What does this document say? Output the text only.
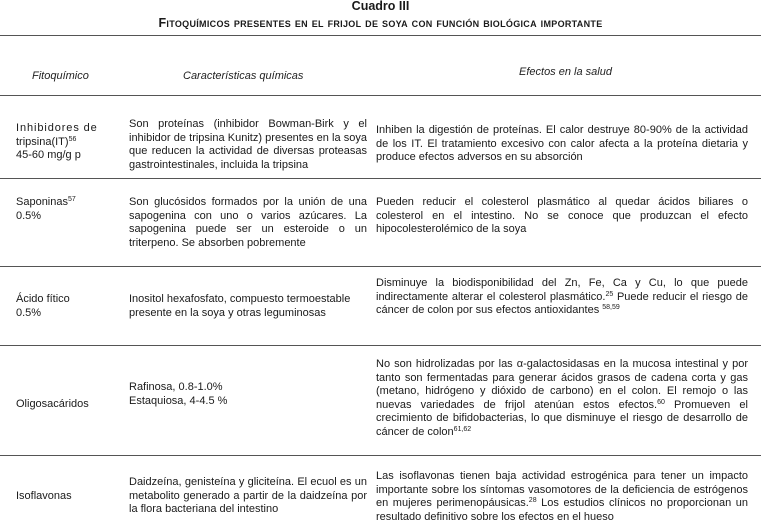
Cuadro III
Fitoquímicos presentes en el frijol de soya con función biológica importante
Fitoquímico	Características químicas	Efectos en la salud
Inhibidores de
tripsina(IT)$^{56}$
45-60 mg/g p
Son proteínas (inhibidor Bowman-Birk y el inhibidor de tripsina Kunitz) presentes en la soya que reducen la actividad de diversas proteasas gastrointestinales, incluida la tripsina
Inhiben la digestión de proteínas. El calor destruye 80-90% de la actividad de los IT. El tratamiento excesivo con calor afecta a la proteína dietaria y produce efectos adversos en su absorción
Saponinas$^{57}$
0.5%
Son glucósidos formados por la unión de una sapogenina con uno o varios azúcares. La sapogenina puede ser un esteroide o un triterpeno. Se absorben pobremente
Pueden reducir el colesterol plasmático al quedar ácidos biliares o colesterol en el intestino. No se conoce que produzcan el efecto hipocolesterolémico de la soya
Ácido fítico
0.5%
Inositol hexafosfato, compuesto termoestable presente en la soya y otras leguminosas
Disminuye la biodisponibilidad del Zn, Fe, Ca y Cu, lo que puede indirectamente alterar el colesterol plasmático.$^{25}$ Puede reducir el riesgo de cáncer de colon por sus efectos antioxidantes $^{58,59}$
Oligosacáridos
Rafinosa, 0.8-1.0%
Estaquiosa, 4-4.5 %
No son hidrolizadas por las α-galactosidasas en la mucosa intestinal y por tanto son fermentadas para generar ácidos grasos de cadena corta y gas (metano, hidrógeno y dióxido de carbono) en el colon. El remojo o las nuevas variedades de frijol atenúan estos efectos.$^{60}$ Promueven el crecimiento de bifidobacterias, lo que disminuye el riesgo de desarrollo de cáncer de colon$^{61,62}$
Isoflavonas
Daidzeína, genisteína y gliciteína. El ecuol es un metabolito generado a partir de la daidzeína por la flora bacteriana del intestino
Las isoflavonas tienen baja actividad estrogénica para tener un impacto importante sobre los síntomas vasomotores de la deficiencia de estrógenos en mujeres perimenopáusicas.$^{28}$ Los estudios clínicos no proporcionan un resultado definitivo sobre los efectos en el hueso
